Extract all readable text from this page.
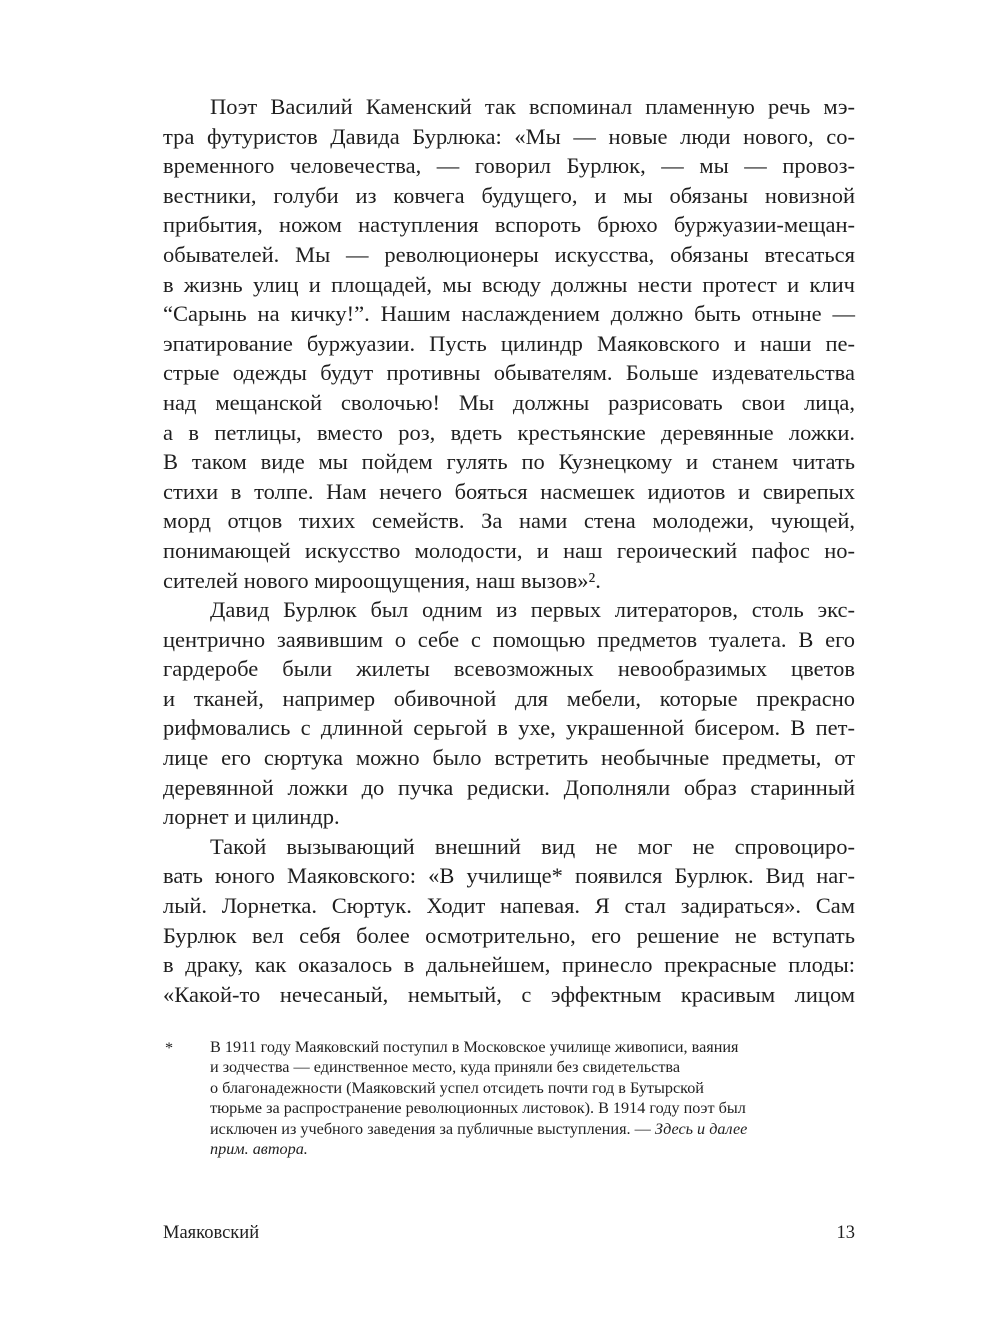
Поэт Василий Каменский так вспоминал пламенную речь мэ-
тра футуристов Давида Бурлюка: «Мы — новые люди нового, со-
временного человечества, — говорил Бурлюк, — мы — провоз-
вестники, голуби из ковчега будущего, и мы обязаны новизной
прибытия, ножом наступления вспороть брюхо буржуазии-мещан-
обывателей. Мы — революционеры искусства, обязаны втесаться
в жизнь улиц и площадей, мы всюду должны нести протест и клич
“Сарынь на кичку!”. Нашим наслаждением должно быть отныне —
эпатирование буржуазии. Пусть цилиндр Маяковского и наши пе-
стрые одежды будут противны обывателям. Больше издевательства
над мещанской сволочью! Мы должны разрисовать свои лица,
а в петлицы, вместо роз, вдеть крестьянские деревянные ложки.
В таком виде мы пойдем гулять по Кузнецкому и станем читать
стихи в толпе. Нам нечего бояться насмешек идиотов и свирепых
морд отцов тихих семейств. За нами стена молодежи, чующей,
понимающей искусство молодости, и наш героический пафос но-
сителей нового мироощущения, наш вызов»².
Давид Бурлюк был одним из первых литераторов, столь экс-
центрично заявившим о себе с помощью предметов туалета. В его
гардеробе были жилеты всевозможных невообразимых цветов
и тканей, например обивочной для мебели, которые прекрасно
рифмовались с длинной серьгой в ухе, украшенной бисером. В пет-
лице его сюртука можно было встретить необычные предметы, от
деревянной ложки до пучка редиски. Дополняли образ старинный
лорнет и цилиндр.
Такой вызывающий внешний вид не мог не спровоциро-
вать юного Маяковского: «В училище* появился Бурлюк. Вид наг-
лый. Лорнетка. Сюртук. Ходит напевая. Я стал задираться». Сам
Бурлюк вел себя более осмотрительно, его решение не вступать
в драку, как оказалось в дальнейшем, принесло прекрасные плоды:
«Какой-то нечесаный, немытый, с эффектным красивым лицом
* В 1911 году Маяковский поступил в Московское училище живописи, ваяния
и зодчества — единственное место, куда приняли без свидетельства
о благонадежности (Маяковский успел отсидеть почти год в Бутырской
тюрьме за распространение революционных листовок). В 1914 году поэт был
исключен из учебного заведения за публичные выступления. — Здесь и далее
прим. автора.
Маяковский	13
